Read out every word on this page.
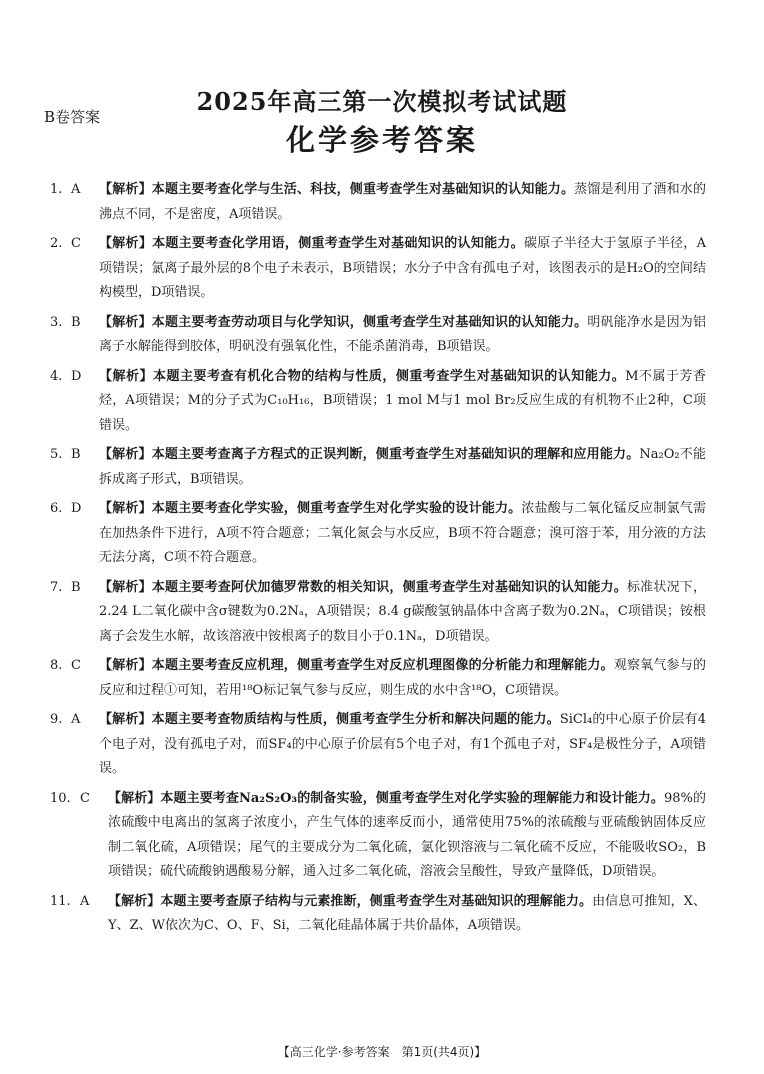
B卷答案
2025年高三第一次模拟考试试题
化学参考答案
1. A	【解析】本题主要考查化学与生活、科技，侧重考查学生对基础知识的认知能力。蒸馏是利用了酒和水的沸点不同，不是密度，A项错误。
2. C	【解析】本题主要考查化学用语，侧重考查学生对基础知识的认知能力。碳原子半径大于氢原子半径，A项错误；氯离子最外层的8个电子未表示，B项错误；水分子中含有孤电子对，该图表示的是H₂O的空间结构模型，D项错误。
3. B	【解析】本题主要考查劳动项目与化学知识，侧重考查学生对基础知识的认知能力。明矾能净水是因为铝离子水解能得到胶体，明矾没有强氧化性，不能杀菌消毒，B项错误。
4. D	【解析】本题主要考查有机化合物的结构与性质，侧重考查学生对基础知识的认知能力。M不属于芳香烃，A项错误；M的分子式为C₁₀H₁₆，B项错误；1 mol M与1 mol Br₂反应生成的有机物不止2种，C项错误。
5. B	【解析】本题主要考查离子方程式的正误判断，侧重考查学生对基础知识的理解和应用能力。Na₂O₂不能拆成离子形式，B项错误。
6. D	【解析】本题主要考查化学实验，侧重考查学生对化学实验的设计能力。浓盐酸与二氧化锰反应制氯气需在加热条件下进行，A项不符合题意；二氧化氮会与水反应，B项不符合题意；溴可溶于苯，用分液的方法无法分离，C项不符合题意。
7. B	【解析】本题主要考查阿伏加德罗常数的相关知识，侧重考查学生对基础知识的认知能力。标准状况下，2.24 L二氧化碳中含σ键数为0.2Nₐ，A项错误；8.4 g碳酸氢钠晶体中含离子数为0.2Nₐ，C项错误；铵根离子会发生水解，故该溶液中铵根离子的数目小于0.1Nₐ，D项错误。
8. C	【解析】本题主要考查反应机理，侧重考查学生对反应机理图像的分析能力和理解能力。观察氧气参与的反应和过程①可知，若用¹⁸O标记氧气参与反应，则生成的水中含¹⁸O，C项错误。
9. A	【解析】本题主要考查物质结构与性质，侧重考查学生分析和解决问题的能力。SiCl₄的中心原子价层有4个电子对，没有孤电子对，而SF₄的中心原子价层有5个电子对，有1个孤电子对，SF₄是极性分子，A项错误。
10. C	【解析】本题主要考查Na₂S₂O₃的制备实验，侧重考查学生对化学实验的理解能力和设计能力。98%的浓硫酸中电离出的氢离子浓度小，产生气体的速率反而小，通常使用75%的浓硫酸与亚硫酸钠固体反应制二氧化硫，A项错误；尾气的主要成分为二氧化硫，氯化钡溶液与二氧化硫不反应，不能吸收SO₂，B项错误；硫代硫酸钠遇酸易分解，通入过多二氧化硫，溶液会呈酸性，导致产量降低，D项错误。
11. A	【解析】本题主要考查原子结构与元素推断，侧重考查学生对基础知识的理解能力。由信息可推知，X、Y、Z、W依次为C、O、F、Si，二氧化硅晶体属于共价晶体，A项错误。
【高三化学·参考答案　第1页(共4页)】
